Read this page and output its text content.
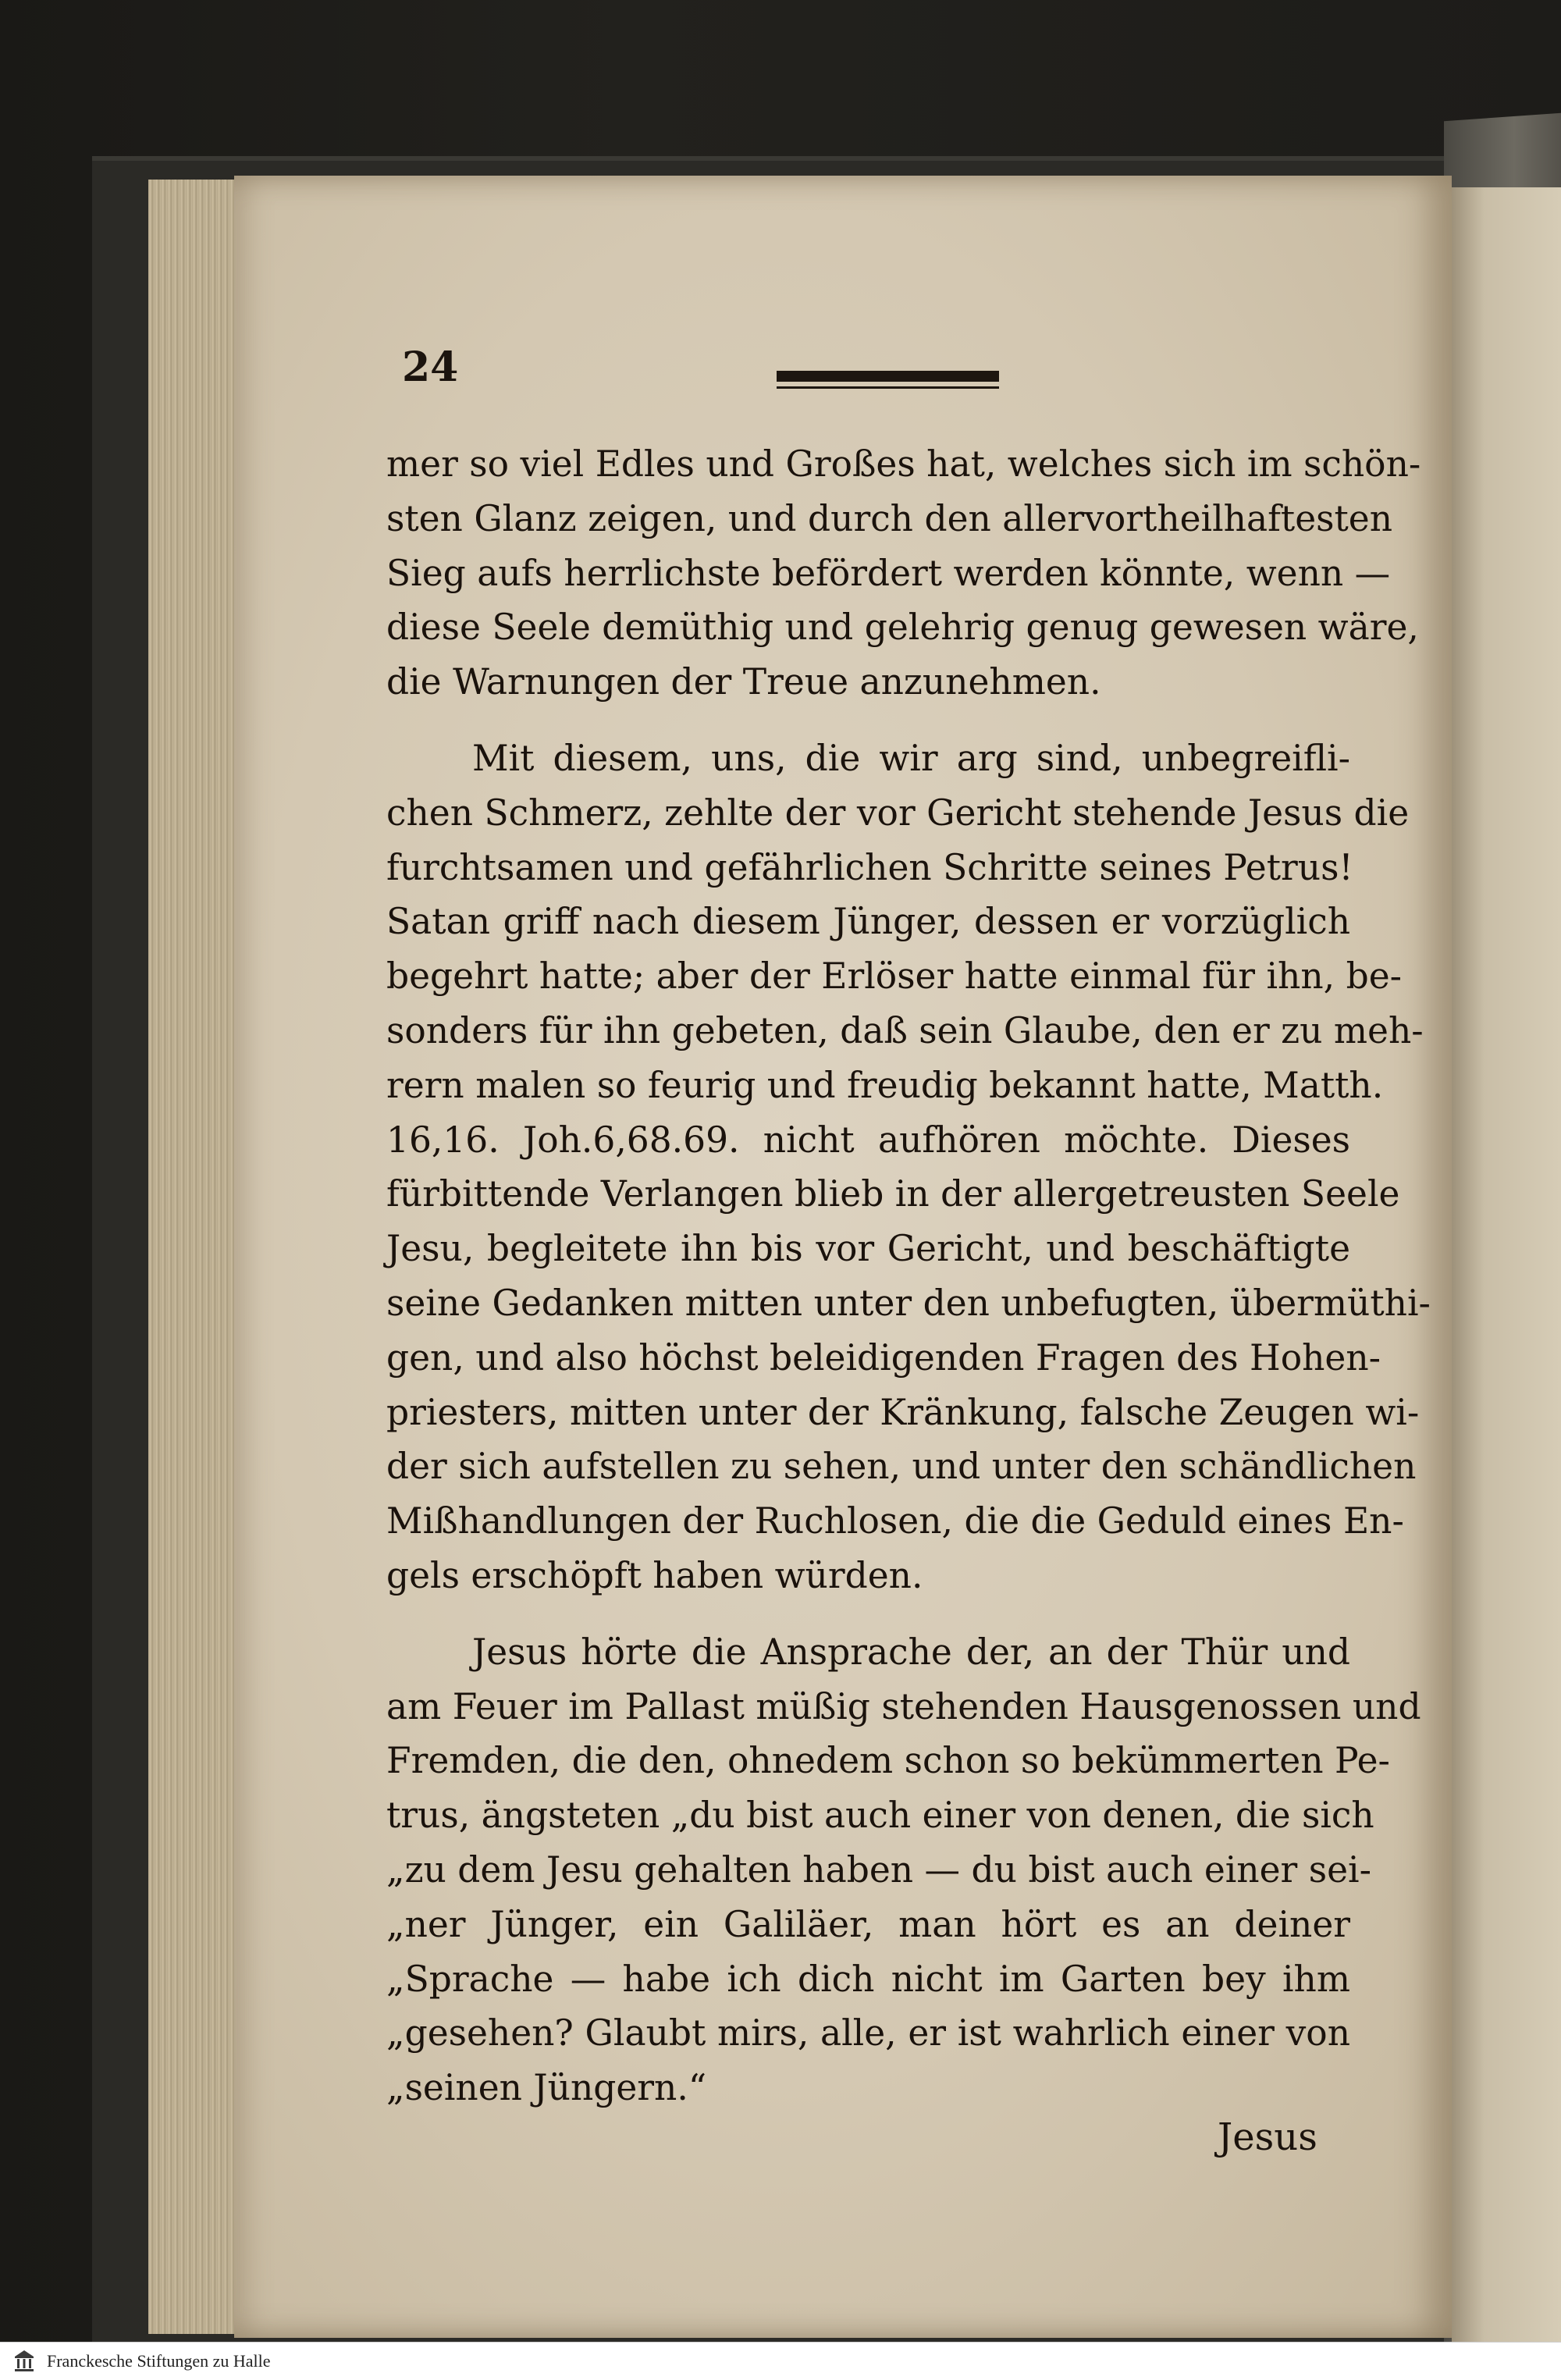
24
mer so viel Edles und Großes hat, welches sich im schön-
sten Glanz zeigen, und durch den allervortheilhaftesten
Sieg aufs herrlichste befördert werden könnte, wenn —
diese Seele demüthig und gelehrig genug gewesen wäre,
die Warnungen der Treue anzunehmen.
Mit diesem, uns, die wir arg sind, unbegreifli-
chen Schmerz, zehlte der vor Gericht stehende Jesus die
furchtsamen und gefährlichen Schritte seines Petrus!
Satan griff nach diesem Jünger, dessen er vorzüglich
begehrt hatte; aber der Erlöser hatte einmal für ihn, be-
sonders für ihn gebeten, daß sein Glaube, den er zu meh-
rern malen so feurig und freudig bekannt hatte, Matth.
16,16. Joh.6,68.69. nicht aufhören möchte. Dieses
fürbittende Verlangen blieb in der allergetreusten Seele
Jesu, begleitete ihn bis vor Gericht, und beschäftigte
seine Gedanken mitten unter den unbefugten, übermüthi-
gen, und also höchst beleidigenden Fragen des Hohen-
priesters, mitten unter der Kränkung, falsche Zeugen wi-
der sich aufstellen zu sehen, und unter den schändlichen
Mißhandlungen der Ruchlosen, die die Geduld eines En-
gels erschöpft haben würden.
Jesus hörte die Ansprache der, an der Thür und
am Feuer im Pallast müßig stehenden Hausgenossen und
Fremden, die den, ohnedem schon so bekümmerten Pe-
trus, ängsteten „du bist auch einer von denen, die sich
„zu dem Jesu gehalten haben — du bist auch einer sei-
„ner Jünger, ein Galiläer, man hört es an deiner
„Sprache — habe ich dich nicht im Garten bey ihm
„gesehen? Glaubt mirs, alle, er ist wahrlich einer von
„seinen Jüngern.“
Jesus
Franckesche Stiftungen zu Halle
